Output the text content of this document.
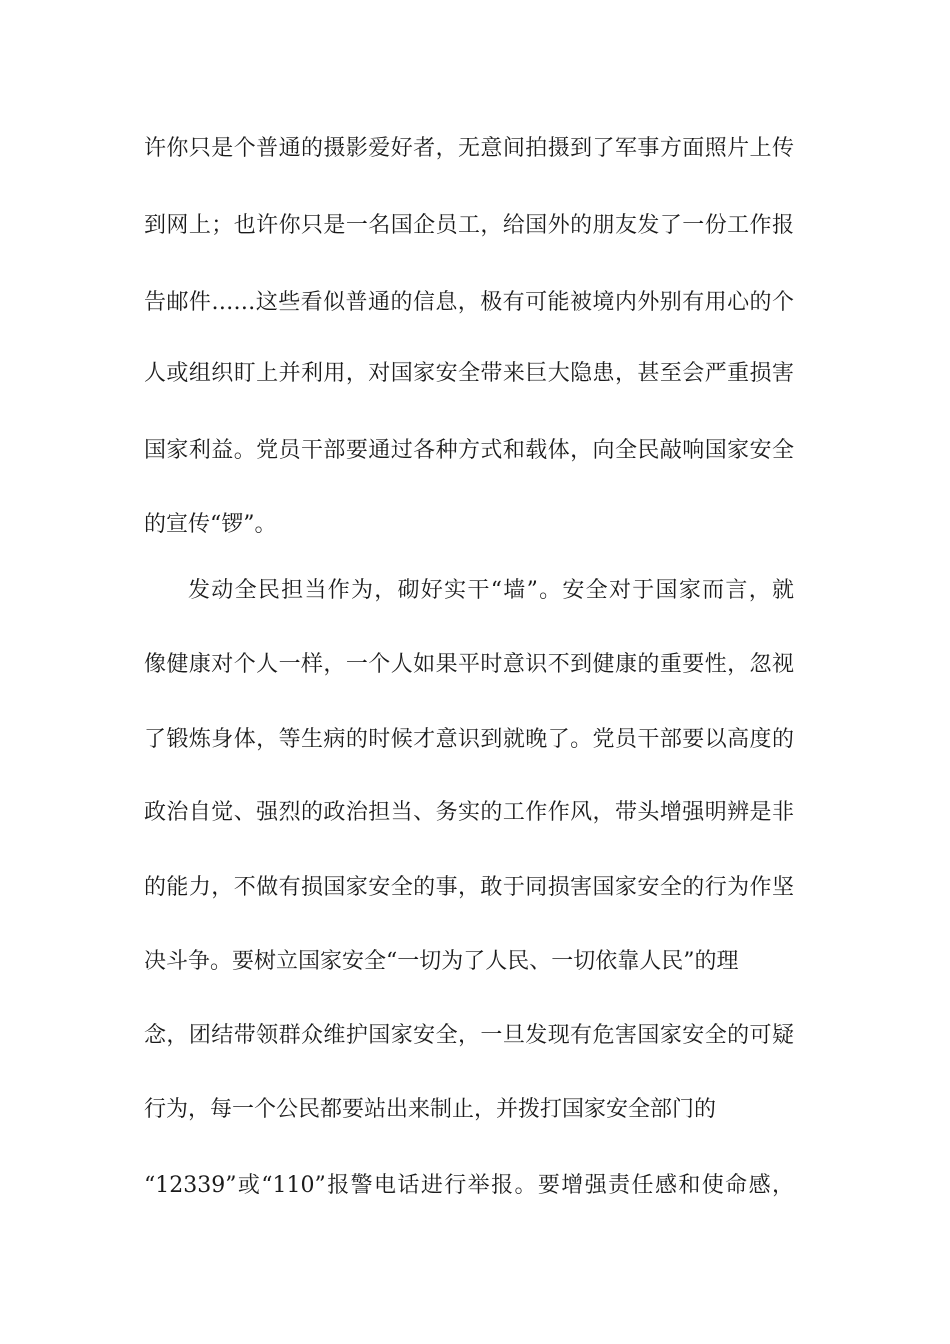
许你只是个普通的摄影爱好者，无意间拍摄到了军事方面照片上传
到网上；也许你只是一名国企员工，给国外的朋友发了一份工作报
告邮件……这些看似普通的信息，极有可能被境内外别有用心的个
人或组织盯上并利用，对国家安全带来巨大隐患，甚至会严重损害
国家利益。党员干部要通过各种方式和载体，向全民敲响国家安全
的宣传“锣”。
发动全民担当作为，砌好实干“墙”。安全对于国家而言，就
像健康对个人一样，一个人如果平时意识不到健康的重要性，忽视
了锻炼身体，等生病的时候才意识到就晚了。党员干部要以高度的
政治自觉、强烈的政治担当、务实的工作作风，带头增强明辨是非
的能力，不做有损国家安全的事，敢于同损害国家安全的行为作坚
决斗争。要树立国家安全“一切为了人民、一切依靠人民”的理
念，团结带领群众维护国家安全，一旦发现有危害国家安全的可疑
行为，每一个公民都要站出来制止，并拨打国家安全部门的
“12339”或“110”报警电话进行举报。要增强责任感和使命感，
